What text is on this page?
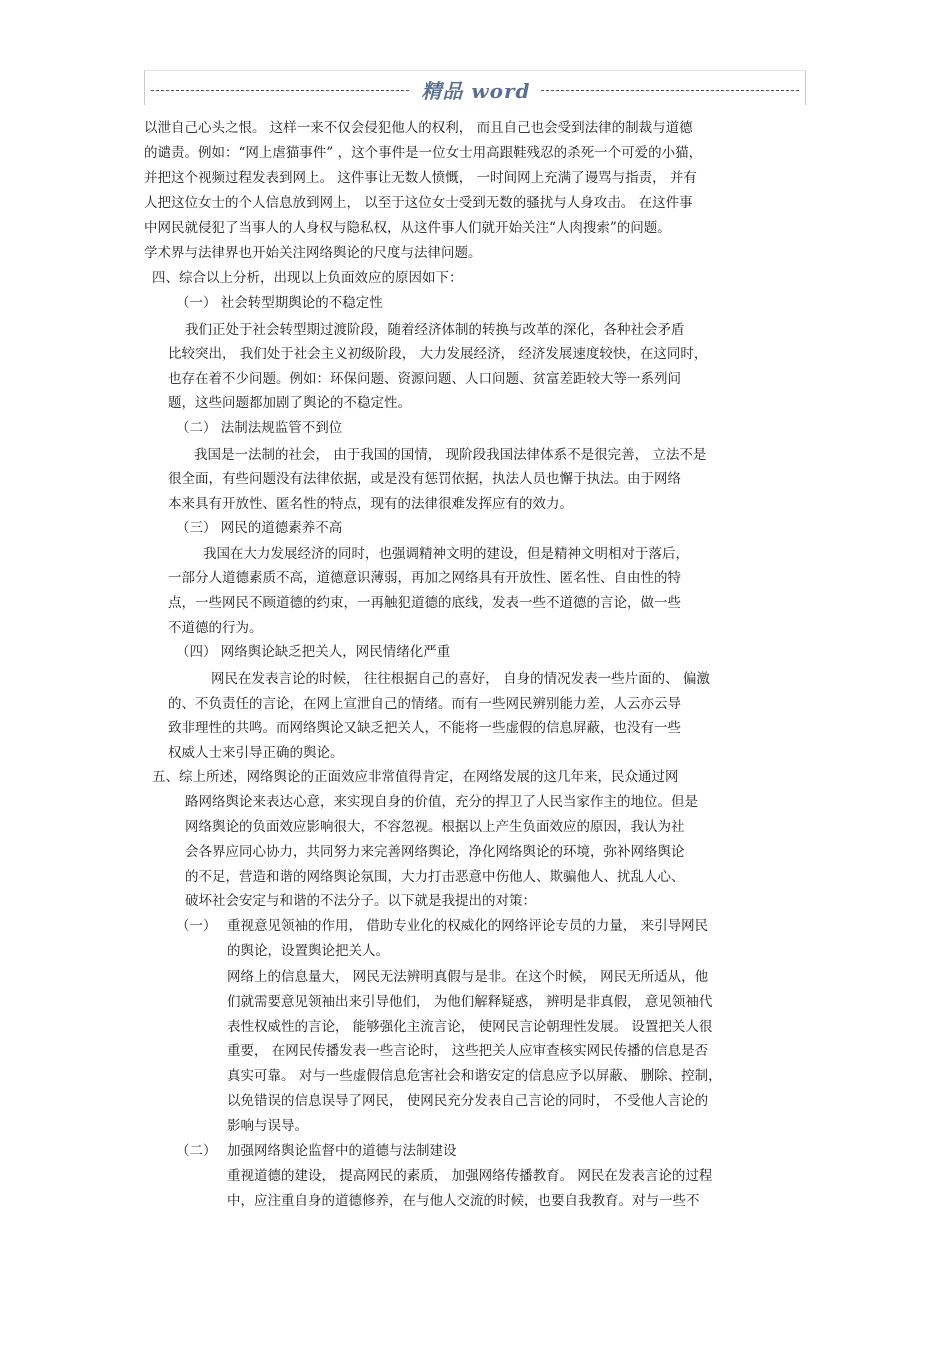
精品 word
以泄自己心头之恨。 这样一来不仅会侵犯他人的权利， 而且自己也会受到法律的制裁与道德
的谴责。例如：“网上虐猫事件” ，这个事件是一位女士用高跟鞋残忍的杀死一个可爱的小猫，
并把这个视频过程发表到网上。 这件事让无数人愤慨， 一时间网上充满了谩骂与指责， 并有
人把这位女士的个人信息放到网上， 以至于这位女士受到无数的骚扰与人身攻击。 在这件事
中网民就侵犯了当事人的人身权与隐私权，从这件事人们就开始关注“人肉搜索”的问题。
学术界与法律界也开始关注网络舆论的尺度与法律问题。
四、综合以上分析，出现以上负面效应的原因如下：
（一） 社会转型期舆论的不稳定性
我们正处于社会转型期过渡阶段，随着经济体制的转换与改革的深化，各种社会矛盾
比较突出， 我们处于社会主义初级阶段， 大力发展经济， 经济发展速度较快，在这同时，
也存在着不少问题。例如：环保问题、资源问题、人口问题、贫富差距较大等一系列问
题，这些问题都加剧了舆论的不稳定性。
（二） 法制法规监管不到位
我国是一法制的社会， 由于我国的国情， 现阶段我国法律体系不是很完善， 立法不是
很全面，有些问题没有法律依据，或是没有惩罚依据，执法人员也懈于执法。由于网络
本来具有开放性、匿名性的特点，现有的法律很难发挥应有的效力。
（三） 网民的道德素养不高
我国在大力发展经济的同时，也强调精神文明的建设，但是精神文明相对于落后，
一部分人道德素质不高，道德意识薄弱，再加之网络具有开放性、匿名性、自由性的特
点，一些网民不顾道德的约束，一再触犯道德的底线，发表一些不道德的言论，做一些
不道德的行为。
（四） 网络舆论缺乏把关人，网民情绪化严重
网民在发表言论的时候， 往往根据自己的喜好， 自身的情况发表一些片面的、 偏激
的、不负责任的言论，在网上宣泄自己的情绪。而有一些网民辨别能力差，人云亦云导
致非理性的共鸣。而网络舆论又缺乏把关人，不能将一些虚假的信息屏蔽，也没有一些
权威人士来引导正确的舆论。
五、综上所述，网络舆论的正面效应非常值得肯定，在网络发展的这几年来，民众通过网
路网络舆论来表达心意，来实现自身的价值，充分的捍卫了人民当家作主的地位。但是
网络舆论的负面效应影响很大，不容忽视。根据以上产生负面效应的原因，我认为社
会各界应同心协力，共同努力来完善网络舆论，净化网络舆论的环境，弥补网络舆论
的不足，营造和谐的网络舆论氛围，大力打击恶意中伤他人、欺骗他人、扰乱人心、
破坏社会安定与和谐的不法分子。以下就是我提出的对策：
（一） 重视意见领袖的作用， 借助专业化的权威化的网络评论专员的力量， 来引导网民
的舆论，设置舆论把关人。
网络上的信息量大， 网民无法辨明真假与是非。在这个时候， 网民无所适从，他
们就需要意见领袖出来引导他们， 为他们解释疑惑， 辨明是非真假， 意见领袖代
表性权威性的言论， 能够强化主流言论， 使网民言论朝理性发展。 设置把关人很
重要， 在网民传播发表一些言论时， 这些把关人应审查核实网民传播的信息是否
真实可靠。 对与一些虚假信息危害社会和谐安定的信息应予以屏蔽、 删除、控制，
以免错误的信息误导了网民， 使网民充分发表自己言论的同时， 不受他人言论的
影响与误导。
（二） 加强网络舆论监督中的道德与法制建设
重视道德的建设， 提高网民的素质， 加强网络传播教育。 网民在发表言论的过程
中，应注重自身的道德修养，在与他人交流的时候，也要自我教育。对与一些不
